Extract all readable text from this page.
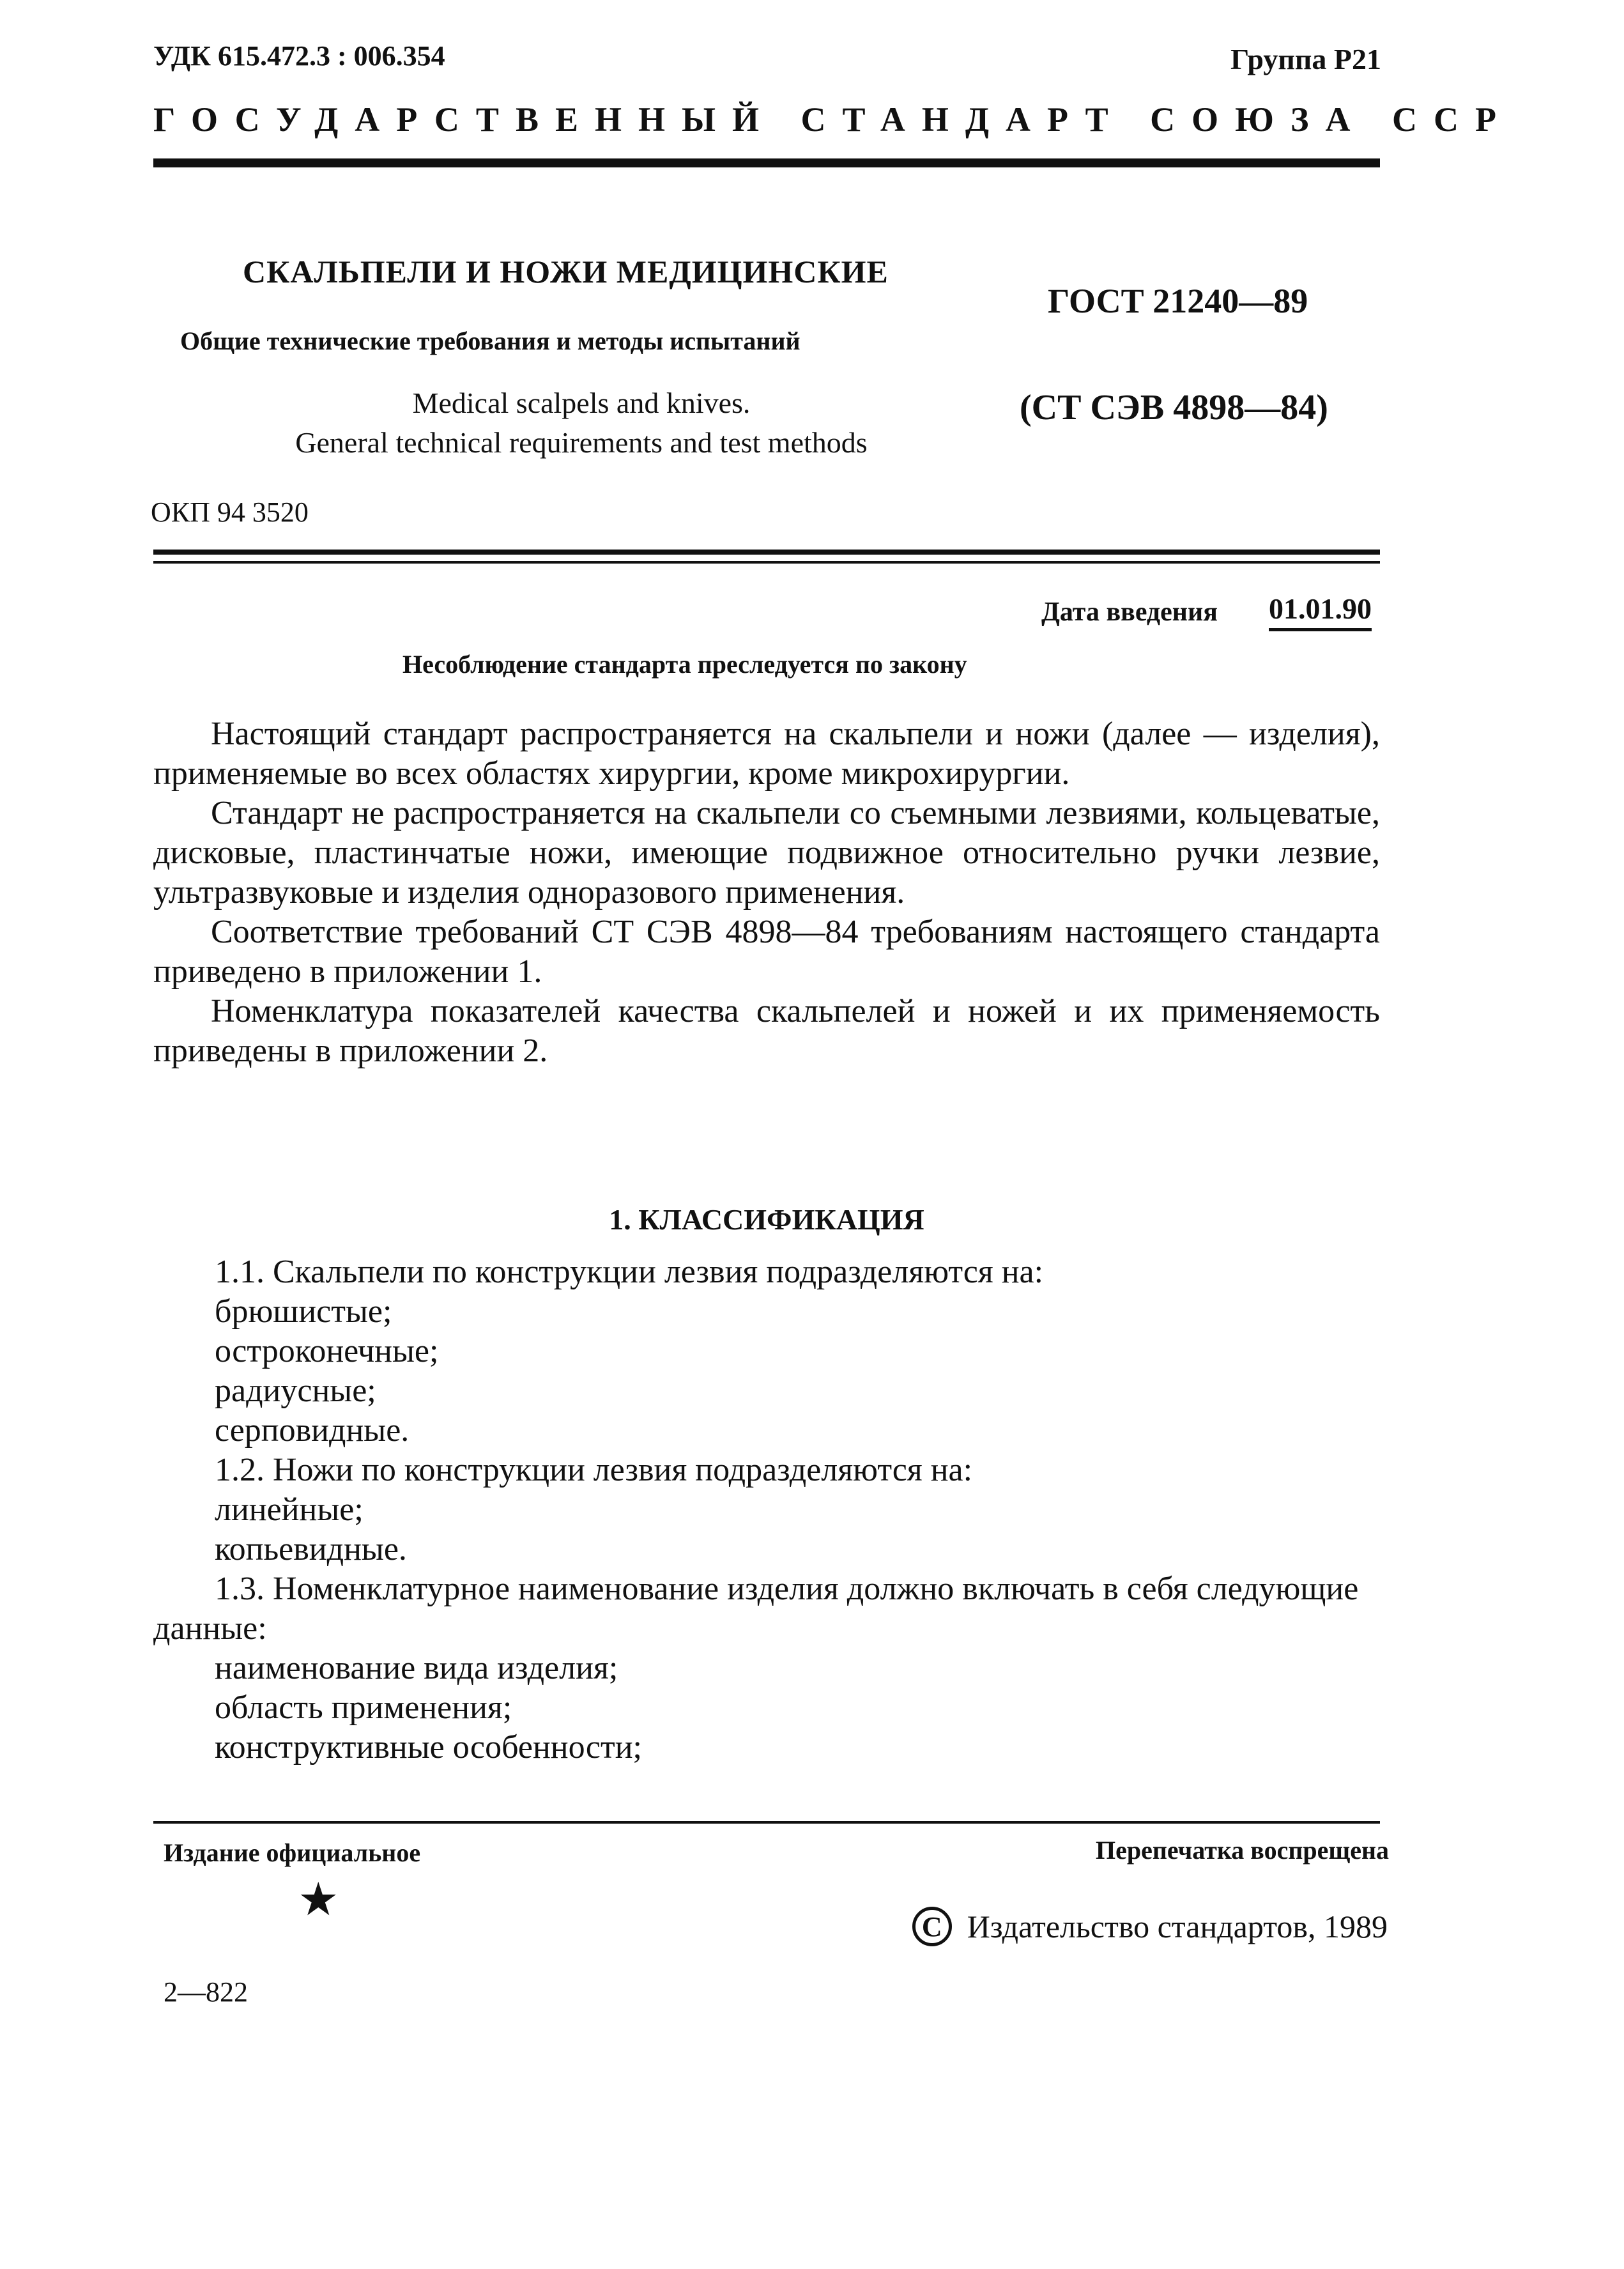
УДК 615.472.3 : 006.354	Группа Р21
ГОСУДАРСТВЕННЫЙ СТАНДАРТ СОЮЗА ССР
СКАЛЬПЕЛИ И НОЖИ МЕДИЦИНСКИЕ
Общие технические требования и методы испытаний
Medical scalpels and knives.
General technical requirements and test methods
ГОСТ 21240—89
(СТ СЭВ 4898—84)
ОКП 94 3520
Дата введения 01.01.90
Несоблюдение стандарта преследуется по закону

Настоящий стандарт распространяется на скальпели и ножи (далее — изделия), применяемые во всех областях хирургии, кроме микрохирургии.

Стандарт не распространяется на скальпели со съемными лезвиями, кольцеватые, дисковые, пластинчатые ножи, имеющие подвижное относительно ручки лезвие, ультразвуковые и изделия одноразового применения.

Соответствие требований СТ СЭВ 4898—84 требованиям настоящего стандарта приведено в приложении 1.

Номенклатура показателей качества скальпелей и ножей и их применяемость приведены в приложении 2.

1. КЛАССИФИКАЦИЯ
1.1. Скальпели по конструкции лезвия подразделяются на:
брюшистые;
остроконечные;
радиусные;
серповидные.
1.2. Ножи по конструкции лезвия подразделяются на:
линейные;
копьевидные.
1.3. Номенклатурное наименование изделия должно включать в себя следующие данные:
наименование вида изделия;
область применения;
конструктивные особенности;
Издание официальное	Перепечатка воспрещена
★
C Издательство стандартов, 1989
2—822
